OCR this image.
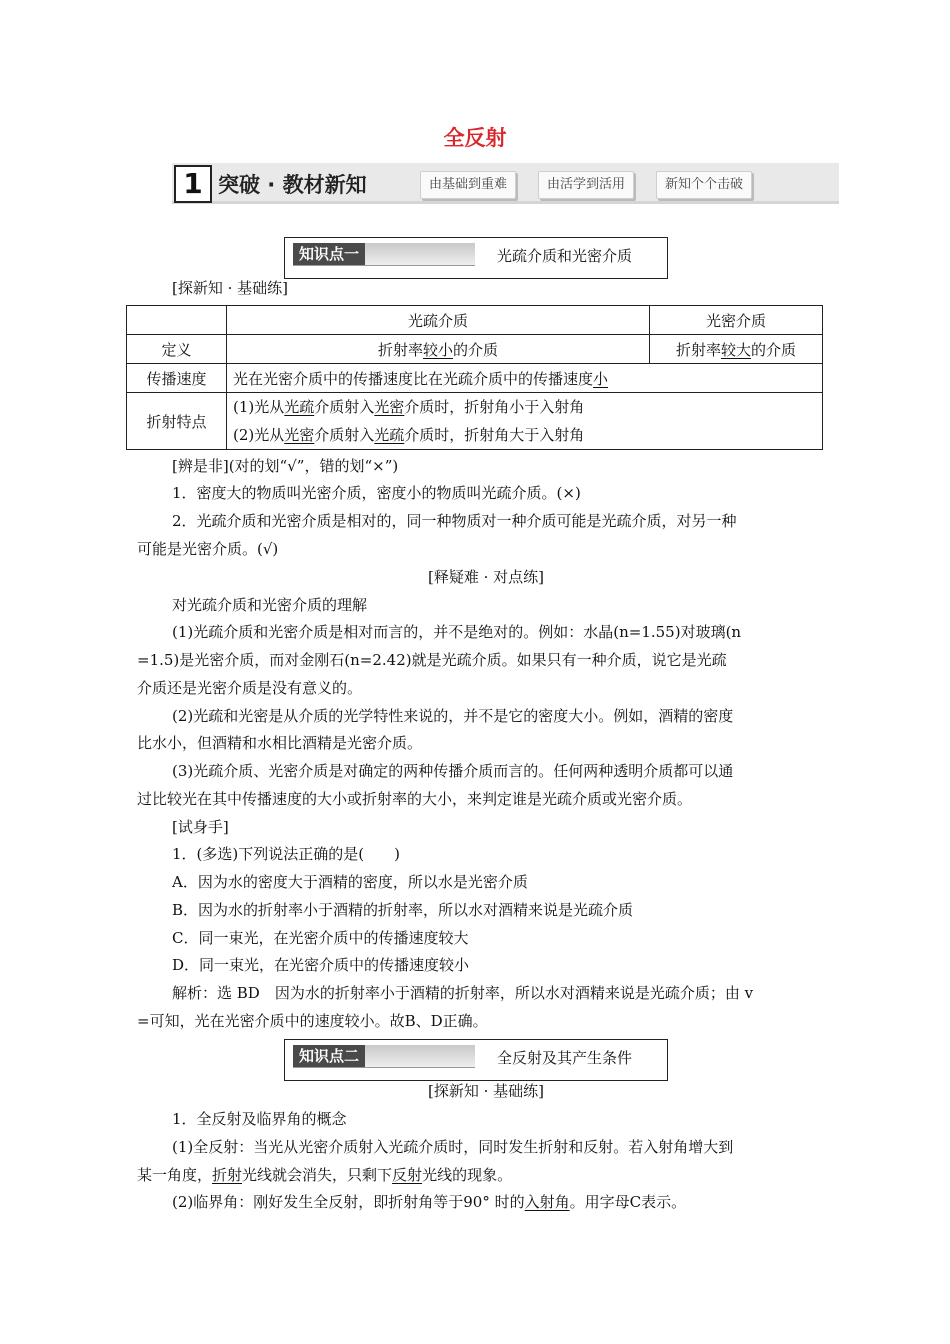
全反射
1 突破 · 教材新知	由基础到重难	由活学到活用	新知个个击破
知识点一	光疏介质和光密介质
[探新知 · 基础练]
	光疏介质	光密介质
定义	折射率较小的介质	折射率较大的介质
传播速度	光在光密介质中的传播速度比在光疏介质中的传播速度小	
折射特点	(1)光从光疏介质射入光密介质时，折射角小于入射角
(2)光从光密介质射入光疏介质时，折射角大于入射角	
[辨是非](对的划“√”，错的划“×”)
1．密度大的物质叫光密介质，密度小的物质叫光疏介质。(×)
2．光疏介质和光密介质是相对的，同一种物质对一种介质可能是光疏介质，对另一种
可能是光密介质。(√)
[释疑难 · 对点练]
对光疏介质和光密介质的理解
(1)光疏介质和光密介质是相对而言的，并不是绝对的。例如：水晶(n=1.55)对玻璃(n
=1.5)是光密介质，而对金刚石(n=2.42)就是光疏介质。如果只有一种介质，说它是光疏
介质还是光密介质是没有意义的。
(2)光疏和光密是从介质的光学特性来说的，并不是它的密度大小。例如，酒精的密度
比水小，但酒精和水相比酒精是光密介质。
(3)光疏介质、光密介质是对确定的两种传播介质而言的。任何两种透明介质都可以通
过比较光在其中传播速度的大小或折射率的大小，来判定谁是光疏介质或光密介质。
[试身手]
1．(多选)下列说法正确的是(　　)
A．因为水的密度大于酒精的密度，所以水是光密介质
B．因为水的折射率小于酒精的折射率，所以水对酒精来说是光疏介质
C．同一束光，在光密介质中的传播速度较大
D．同一束光，在光密介质中的传播速度较小
解析：选 BD　因为水的折射率小于酒精的折射率，所以水对酒精来说是光疏介质；由 v
=可知，光在光密介质中的速度较小。故B、D正确。
知识点二	全反射及其产生条件
[探新知 · 基础练]
1．全反射及临界角的概念
(1)全反射：当光从光密介质射入光疏介质时，同时发生折射和反射。若入射角增大到
某一角度，折射光线就会消失，只剩下反射光线的现象。
(2)临界角：刚好发生全反射，即折射角等于90° 时的入射角。用字母C表示。
